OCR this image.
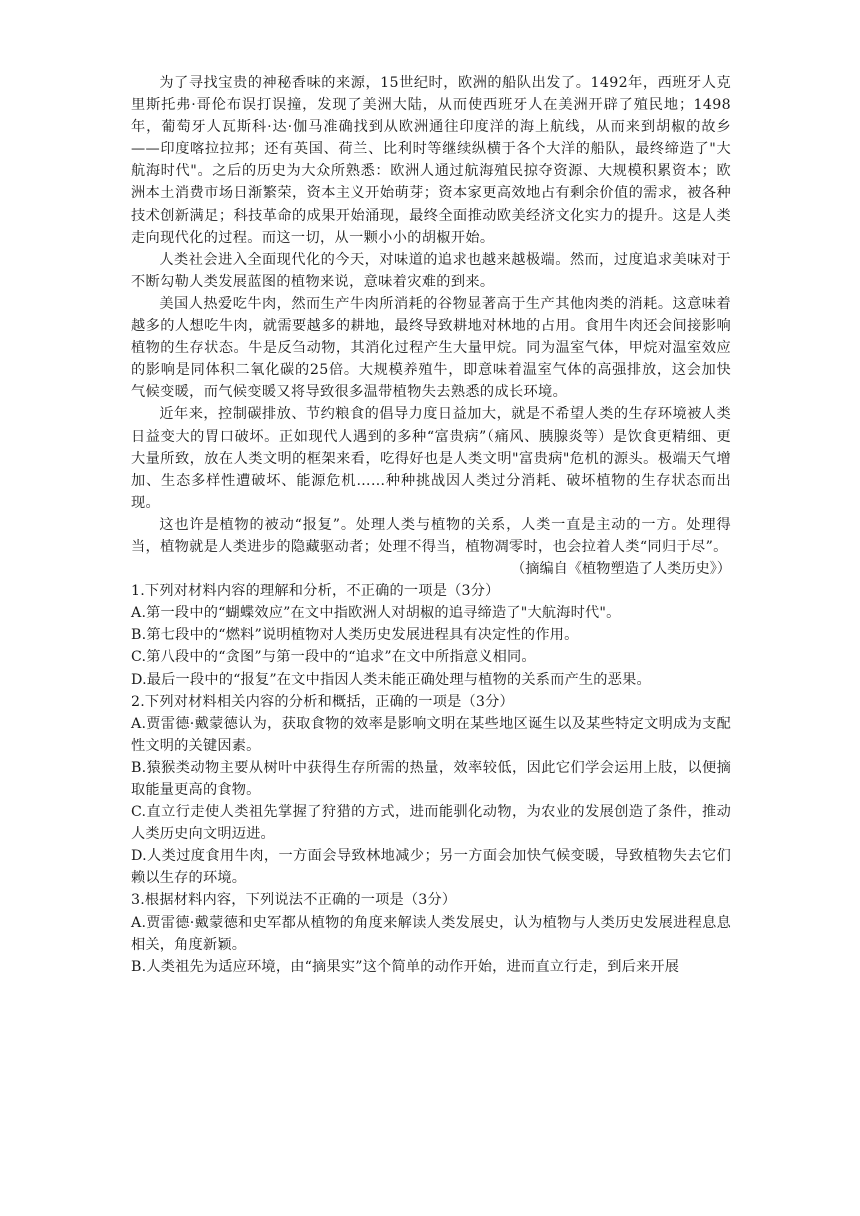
为了寻找宝贵的神秘香味的来源，15世纪时，欧洲的船队出发了。1492年，西班牙人克里斯托弗·哥伦布误打误撞，发现了美洲大陆，从而使西班牙人在美洲开辟了殖民地；1498年，葡萄牙人瓦斯科·达·伽马准确找到从欧洲通往印度洋的海上航线，从而来到胡椒的故乡——印度喀拉拉邦；还有英国、荷兰、比利时等继续纵横于各个大洋的船队，最终缔造了"大航海时代"。之后的历史为大众所熟悉：欧洲人通过航海殖民掠夺资源、大规模积累资本；欧洲本土消费市场日渐繁荣，资本主义开始萌芽；资本家更高效地占有剩余价值的需求，被各种技术创新满足；科技革命的成果开始涌现，最终全面推动欧美经济文化实力的提升。这是人类走向现代化的过程。而这一切，从一颗小小的胡椒开始。

人类社会进入全面现代化的今天，对味道的追求也越来越极端。然而，过度追求美味对于不断勾勒人类发展蓝图的植物来说，意味着灾难的到来。

美国人热爱吃牛肉，然而生产牛肉所消耗的谷物显著高于生产其他肉类的消耗。这意味着越多的人想吃牛肉，就需要越多的耕地，最终导致耕地对林地的占用。食用牛肉还会间接影响植物的生存状态。牛是反刍动物，其消化过程产生大量甲烷。同为温室气体，甲烷对温室效应的影响是同体积二氧化碳的25倍。大规模养殖牛，即意味着温室气体的高强排放，这会加快气候变暖，而气候变暖又将导致很多温带植物失去熟悉的成长环境。

近年来，控制碳排放、节约粮食的倡导力度日益加大，就是不希望人类的生存环境被人类日益变大的胃口破坏。正如现代人遇到的多种“富贵病”（痛风、胰腺炎等）是饮食更精细、更大量所致，放在人类文明的框架来看，吃得好也是人类文明"富贵病"危机的源头。极端天气增加、生态多样性遭破坏、能源危机……种种挑战因人类过分消耗、破坏植物的生存状态而出现。

这也许是植物的被动“报复”。处理人类与植物的关系，人类一直是主动的一方。处理得当，植物就是人类进步的隐藏驱动者；处理不得当，植物凋零时，也会拉着人类“同归于尽”。

（摘编自《植物塑造了人类历史》）

1.下列对材料内容的理解和分析，不正确的一项是（3分）

A.第一段中的“蝴蝶效应”在文中指欧洲人对胡椒的追寻缔造了"大航海时代"。

B.第七段中的“燃料”说明植物对人类历史发展进程具有决定性的作用。

C.第八段中的“贪图”与第一段中的“追求”在文中所指意义相同。

D.最后一段中的“报复”在文中指因人类未能正确处理与植物的关系而产生的恶果。

2.下列对材料相关内容的分析和概括，正确的一项是（3分）

A.贾雷德·戴蒙德认为，获取食物的效率是影响文明在某些地区诞生以及某些特定文明成为支配性文明的关键因素。

B.猿猴类动物主要从树叶中获得生存所需的热量，效率较低，因此它们学会运用上肢，以便摘取能量更高的食物。

C.直立行走使人类祖先掌握了狩猎的方式，进而能驯化动物，为农业的发展创造了条件，推动人类历史向文明迈进。

D.人类过度食用牛肉，一方面会导致林地减少；另一方面会加快气候变暖，导致植物失去它们赖以生存的环境。

3.根据材料内容，下列说法不正确的一项是（3分）

A.贾雷德·戴蒙德和史军都从植物的角度来解读人类发展史，认为植物与人类历史发展进程息息相关，角度新颖。

B.人类祖先为适应环境，由“摘果实”这个简单的动作开始，进而直立行走，到后来开展
